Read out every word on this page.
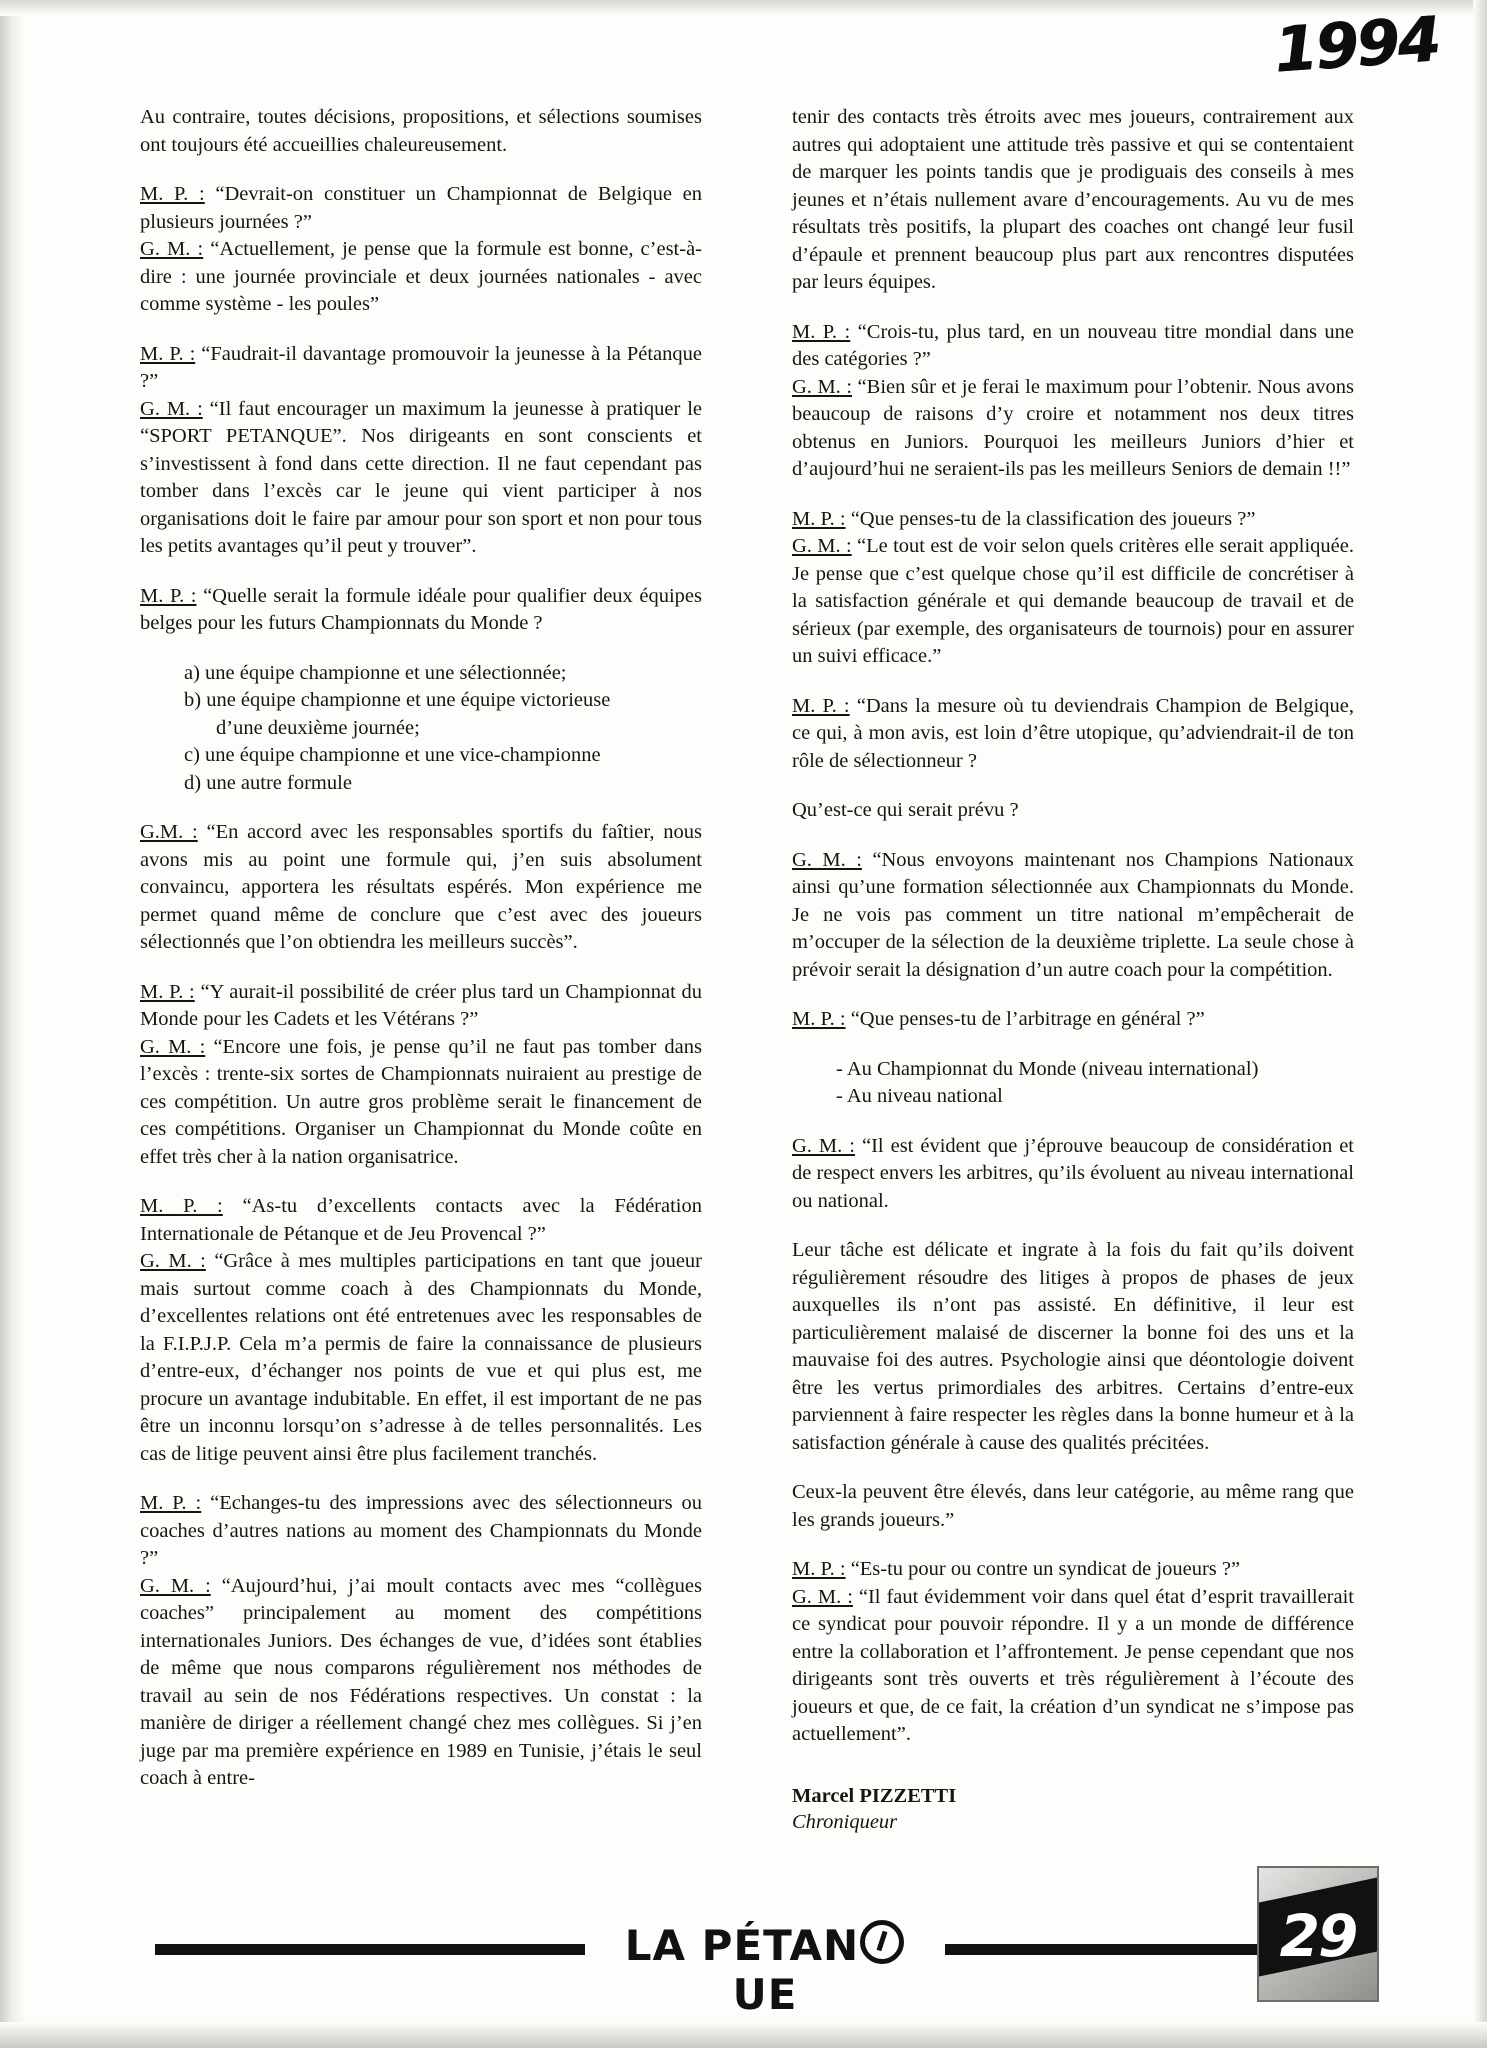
1994

Au contraire, toutes décisions, propositions, et sélections soumises ont toujours été accueillies chaleureusement.

M. P. : “Devrait-on constituer un Championnat de Belgique en plusieurs journées ?”

G. M. : “Actuellement, je pense que la formule est bonne, c’est-à-dire : une journée provinciale et deux journées nationales - avec comme système - les poules”

M. P. : “Faudrait-il davantage promouvoir la jeunesse à la Pétanque ?”

G. M. : “Il faut encourager un maximum la jeunesse à pratiquer le “SPORT PETANQUE”. Nos dirigeants en sont conscients et s’investissent à fond dans cette direction. Il ne faut cependant pas tomber dans l’excès car le jeune qui vient participer à nos organisations doit le faire par amour pour son sport et non pour tous les petits avantages qu’il peut y trouver”.

M. P. : “Quelle serait la formule idéale pour qualifier deux équipes belges pour les futurs Championnats du Monde ?

a) une équipe championne et une sélectionnée;
b) une équipe championne et une équipe victorieuse
d’une deuxième journée;
c) une équipe championne et une vice-championne
d) une autre formule

G.M. : “En accord avec les responsables sportifs du faîtier, nous avons mis au point une formule qui, j’en suis absolument convaincu, apportera les résultats espérés. Mon expérience me permet quand même de conclure que c’est avec des joueurs sélectionnés que l’on obtiendra les meilleurs succès”.

M. P. : “Y aurait-il possibilité de créer plus tard un Championnat du Monde pour les Cadets et les Vétérans ?”

G. M. : “Encore une fois, je pense qu’il ne faut pas tomber dans l’excès : trente-six sortes de Championnats nuiraient au prestige de ces compétition. Un autre gros problème serait le financement de ces compétitions. Organiser un Championnat du Monde coûte en effet très cher à la nation organisatrice.

M. P. : “As-tu d’excellents contacts avec la Fédération Internationale de Pétanque et de Jeu Provencal ?”

G. M. : “Grâce à mes multiples participations en tant que joueur mais surtout comme coach à des Championnats du Monde, d’excellentes relations ont été entretenues avec les responsables de la F.I.P.J.P. Cela m’a permis de faire la connaissance de plusieurs d’entre-eux, d’échanger nos points de vue et qui plus est, me procure un avantage indubitable. En effet, il est important de ne pas être un inconnu lorsqu’on s’adresse à de telles personnalités. Les cas de litige peuvent ainsi être plus facilement tranchés.

M. P. : “Echanges-tu des impressions avec des sélectionneurs ou coaches d’autres nations au moment des Championnats du Monde ?”

G. M. : “Aujourd’hui, j’ai moult contacts avec mes “collègues coaches” principalement au moment des compétitions internationales Juniors. Des échanges de vue, d’idées sont établies de même que nous comparons régulièrement nos méthodes de travail au sein de nos Fédérations respectives. Un constat : la manière de diriger a réellement changé chez mes collègues. Si j’en juge par ma première expérience en 1989 en Tunisie, j’étais le seul coach à entre-

tenir des contacts très étroits avec mes joueurs, contrairement aux autres qui adoptaient une attitude très passive et qui se contentaient de marquer les points tandis que je prodiguais des conseils à mes jeunes et n’étais nullement avare d’encouragements. Au vu de mes résultats très positifs, la plupart des coaches ont changé leur fusil d’épaule et prennent beaucoup plus part aux rencontres disputées par leurs équipes.

M. P. : “Crois-tu, plus tard, en un nouveau titre mondial dans une des catégories ?”

G. M. : “Bien sûr et je ferai le maximum pour l’obtenir. Nous avons beaucoup de raisons d’y croire et notamment nos deux titres obtenus en Juniors. Pourquoi les meilleurs Juniors d’hier et d’aujourd’hui ne seraient-ils pas les meilleurs Seniors de demain !!”

M. P. : “Que penses-tu de la classification des joueurs ?”

G. M. : “Le tout est de voir selon quels critères elle serait appliquée. Je pense que c’est quelque chose qu’il est difficile de concrétiser à la satisfaction générale et qui demande beaucoup de travail et de sérieux (par exemple, des organisateurs de tournois) pour en assurer un suivi efficace.”

M. P. : “Dans la mesure où tu deviendrais Champion de Belgique, ce qui, à mon avis, est loin d’être utopique, qu’adviendrait-il de ton rôle de sélectionneur ?

Qu’est-ce qui serait prévu ?

G. M. : “Nous envoyons maintenant nos Champions Nationaux ainsi qu’une formation sélectionnée aux Championnats du Monde. Je ne vois pas comment un titre national m’empêcherait de m’occuper de la sélection de la deuxième triplette. La seule chose à prévoir serait la désignation d’un autre coach pour la compétition.

M. P. : “Que penses-tu de l’arbitrage en général ?”

- Au Championnat du Monde (niveau international)
- Au niveau national

G. M. : “Il est évident que j’éprouve beaucoup de considération et de respect envers les arbitres, qu’ils évoluent au niveau international ou national.

Leur tâche est délicate et ingrate à la fois du fait qu’ils doivent régulièrement résoudre des litiges à propos de phases de jeux auxquelles ils n’ont pas assisté. En définitive, il leur est particulièrement malaisé de discerner la bonne foi des uns et la mauvaise foi des autres. Psychologie ainsi que déontologie doivent être les vertus primordiales des arbitres. Certains d’entre-eux parviennent à faire respecter les règles dans la bonne humeur et à la satisfaction générale à cause des qualités précitées.

Ceux-la peuvent être élevés, dans leur catégorie, au même rang que les grands joueurs.”

M. P. : “Es-tu pour ou contre un syndicat de joueurs ?”

G. M. : “Il faut évidemment voir dans quel état d’esprit travaillerait ce syndicat pour pouvoir répondre. Il y a un monde de différence entre la collaboration et l’affrontement. Je pense cependant que nos dirigeants sont très ouverts et très régulièrement à l’écoute des joueurs et que, de ce fait, la création d’un syndicat ne s’impose pas actuellement”.

Marcel PIZZETTI
Chroniqueur
LA PÉTANUE
29
